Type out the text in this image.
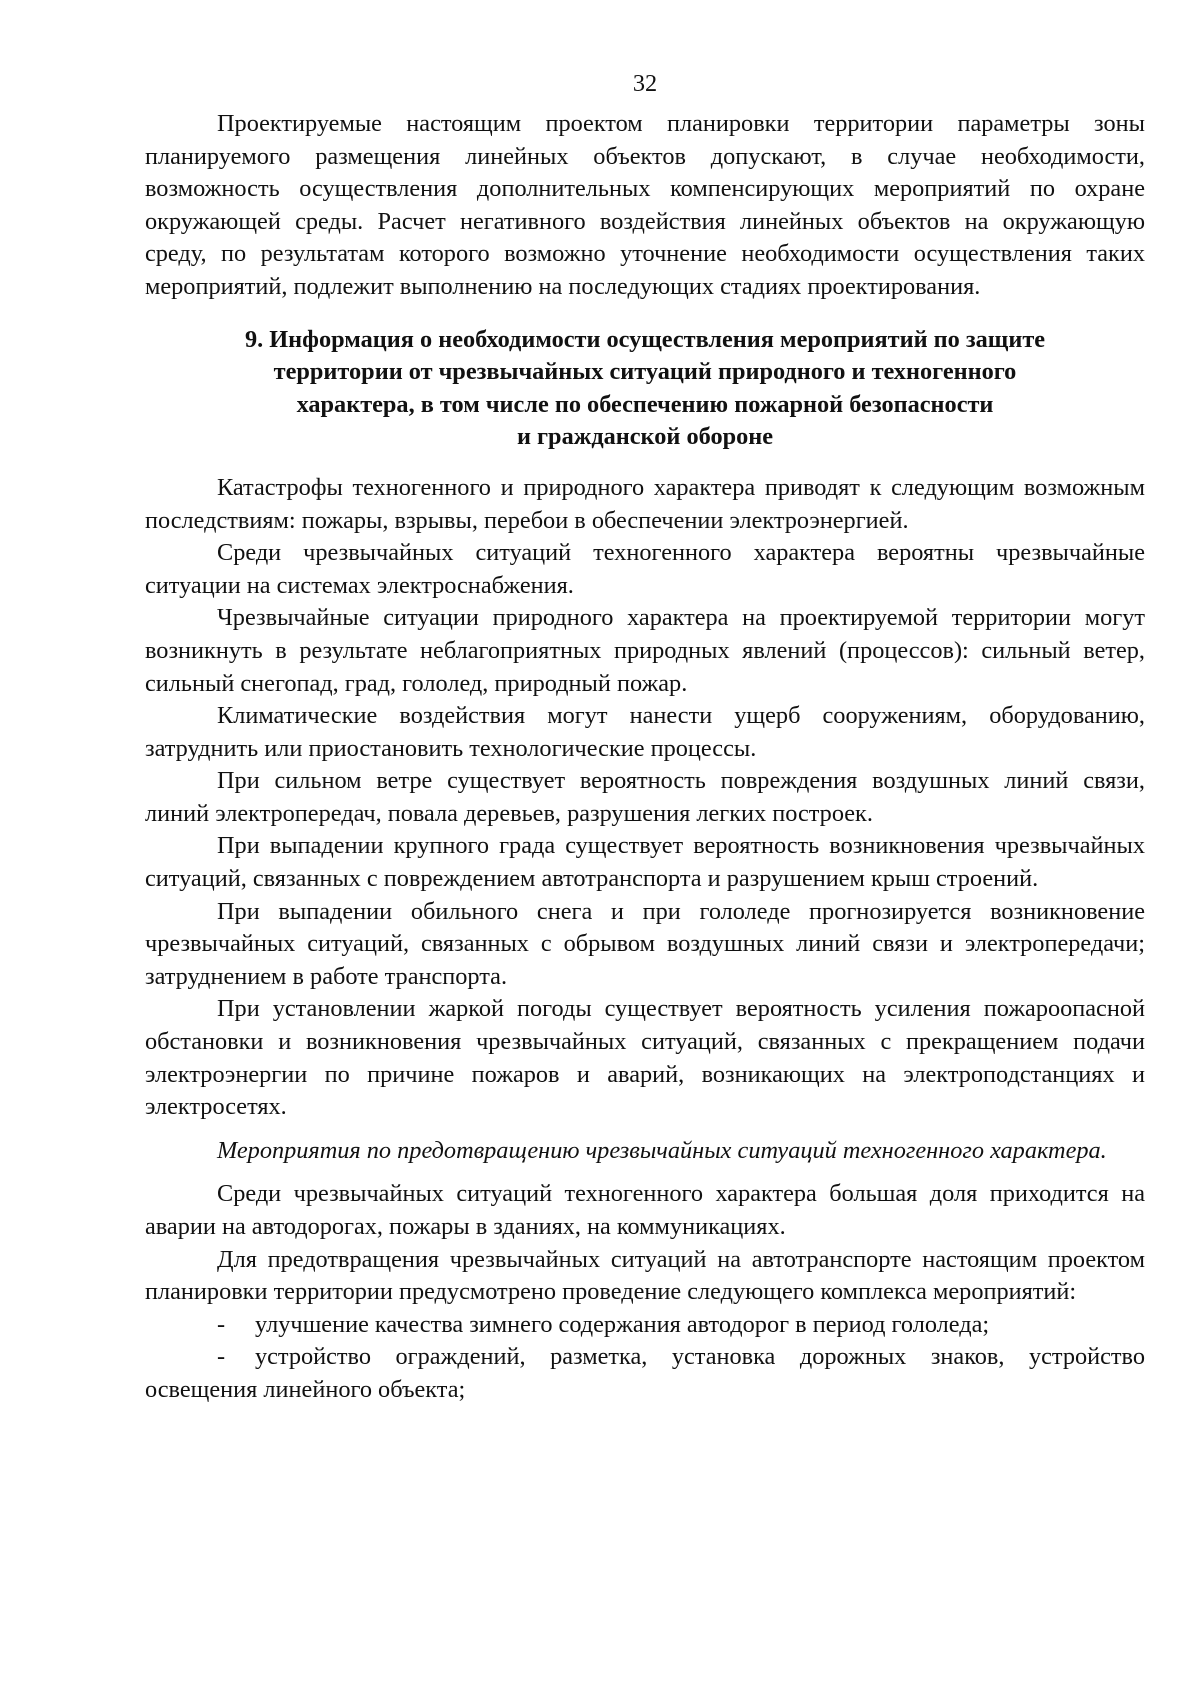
32

Проектируемые настоящим проектом планировки территории параметры зоны планируемого размещения линейных объектов допускают, в случае необходимости, возможность осуществления дополнительных компенсирующих мероприятий по охране окружающей среды. Расчет негативного воздействия линейных объектов на окружающую среду, по результатам которого возможно уточнение необходимости осуществления таких мероприятий, подлежит выполнению на последующих стадиях проектирования.

9. Информация о необходимости осуществления мероприятий по защите
территории от чрезвычайных ситуаций природного и техногенного
характера, в том числе по обеспечению пожарной безопасности
и гражданской обороне

Катастрофы техногенного и природного характера приводят к следующим возможным последствиям: пожары, взрывы, перебои в обеспечении электроэнергией.

Среди чрезвычайных ситуаций техногенного характера вероятны чрезвычайные ситуации на системах электроснабжения.

Чрезвычайные ситуации природного характера на проектируемой территории могут возникнуть в результате неблагоприятных природных явлений (процессов): сильный ветер, сильный снегопад, град, гололед, природный пожар.

Климатические воздействия могут нанести ущерб сооружениям, оборудованию, затруднить или приостановить технологические процессы.

При сильном ветре существует вероятность повреждения воздушных линий связи, линий электропередач, повала деревьев, разрушения легких построек.

При выпадении крупного града существует вероятность возникновения чрезвычайных ситуаций, связанных с повреждением автотранспорта и разрушением крыш строений.

При выпадении обильного снега и при гололеде прогнозируется возникновение чрезвычайных ситуаций, связанных с обрывом воздушных линий связи и электропередачи; затруднением в работе транспорта.

При установлении жаркой погоды существует вероятность усиления пожароопасной обстановки и возникновения чрезвычайных ситуаций, связанных с прекращением подачи электроэнергии по причине пожаров и аварий, возникающих на электроподстанциях и электросетях.

Мероприятия по предотвращению чрезвычайных ситуаций техногенного характера.

Среди чрезвычайных ситуаций техногенного характера большая доля приходится на аварии на автодорогах, пожары в зданиях, на коммуникациях.

Для предотвращения чрезвычайных ситуаций на автотранспорте настоящим проектом планировки территории предусмотрено проведение следующего комплекса мероприятий:

- улучшение качества зимнего содержания автодорог в период гололеда;

- устройство ограждений, разметка, установка дорожных знаков, устройство освещения линейного объекта;
